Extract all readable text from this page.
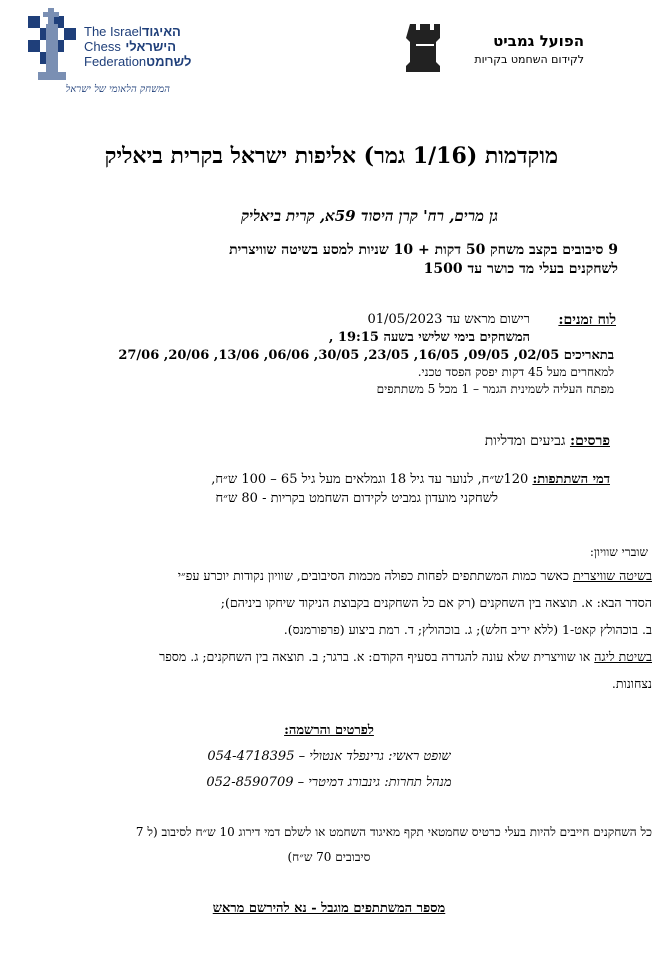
The Israel האיגוד
Chess הישראלי
Federation לשחמט
המשחק הלאומי של ישראל
הפועל גמביט
לקידום השחמט בקריות
מוקדמות (1/16 גמר) אליפות ישראל בקרית ביאליק
גן מרים, רח' קרן היסוד 59א, קרית ביאליק
9 סיבובים בקצב משחק 50 דקות + 10 שניות למסע בשיטה שוויצרית
לשחקנים בעלי מד כושר עד 1500
לוח זמנים:
רישום מראש עד 01/05/2023
המשחקים בימי שלישי בשעה 19:15 ,
בתאריכים 02/05, 09/05, 16/05, 23/05, 30/05, 06/06, 13/06, 20/06, 27/06
למאחרים מעל 45 דקות יפסק הפסד טכני.
מפתח העליה לשמינית הגמר – 1 מכל 5 משתתפים
פרסים: גביעים ומדליות
דמי השתתפות: 120ש״ח, לנוער עד גיל 18 וגמלאים מעל גיל 65 – 100 ש״ח,
לשחקני מועדון גמביט לקידום השחמט בקריות - 80 ש״ח
שוברי שוויון:
בשיטה שוויצרית כאשר כמות המשתתפים לפחות כפולה מכמות הסיבובים, שוויון נקודות יוכרע עפ״י
הסדר הבא: א. תוצאה בין השחקנים (רק אם כל השחקנים בקבוצת הניקוד שיחקו ביניהם);
ב. בוכהולץ קאט-1 (ללא יריב חלש); ג. בוכהולץ; ד. רמת ביצוע (פרפורמנס).
בשיטת ליגה או שוויצרית שלא עונה להגדרה בסעיף הקודם: א. ברגר; ב. תוצאה בין השחקנים; ג. מספר
נצחונות.
לפרטים והרשמה:
שופט ראשי: גרינפלד אנטולי – 054-4718395
מנהל תחרות: גינבורג דמיטרי – 052-8590709
כל השחקנים חייבים להיות בעלי כרטיס שחמטאי תקף מאיגוד השחמט או לשלם דמי דירוג 10 ש״ח לסיבוב (ל 7
סיבובים 70 ש״ח)
מספר המשתתפים מוגבל - נא להירשם מראש
